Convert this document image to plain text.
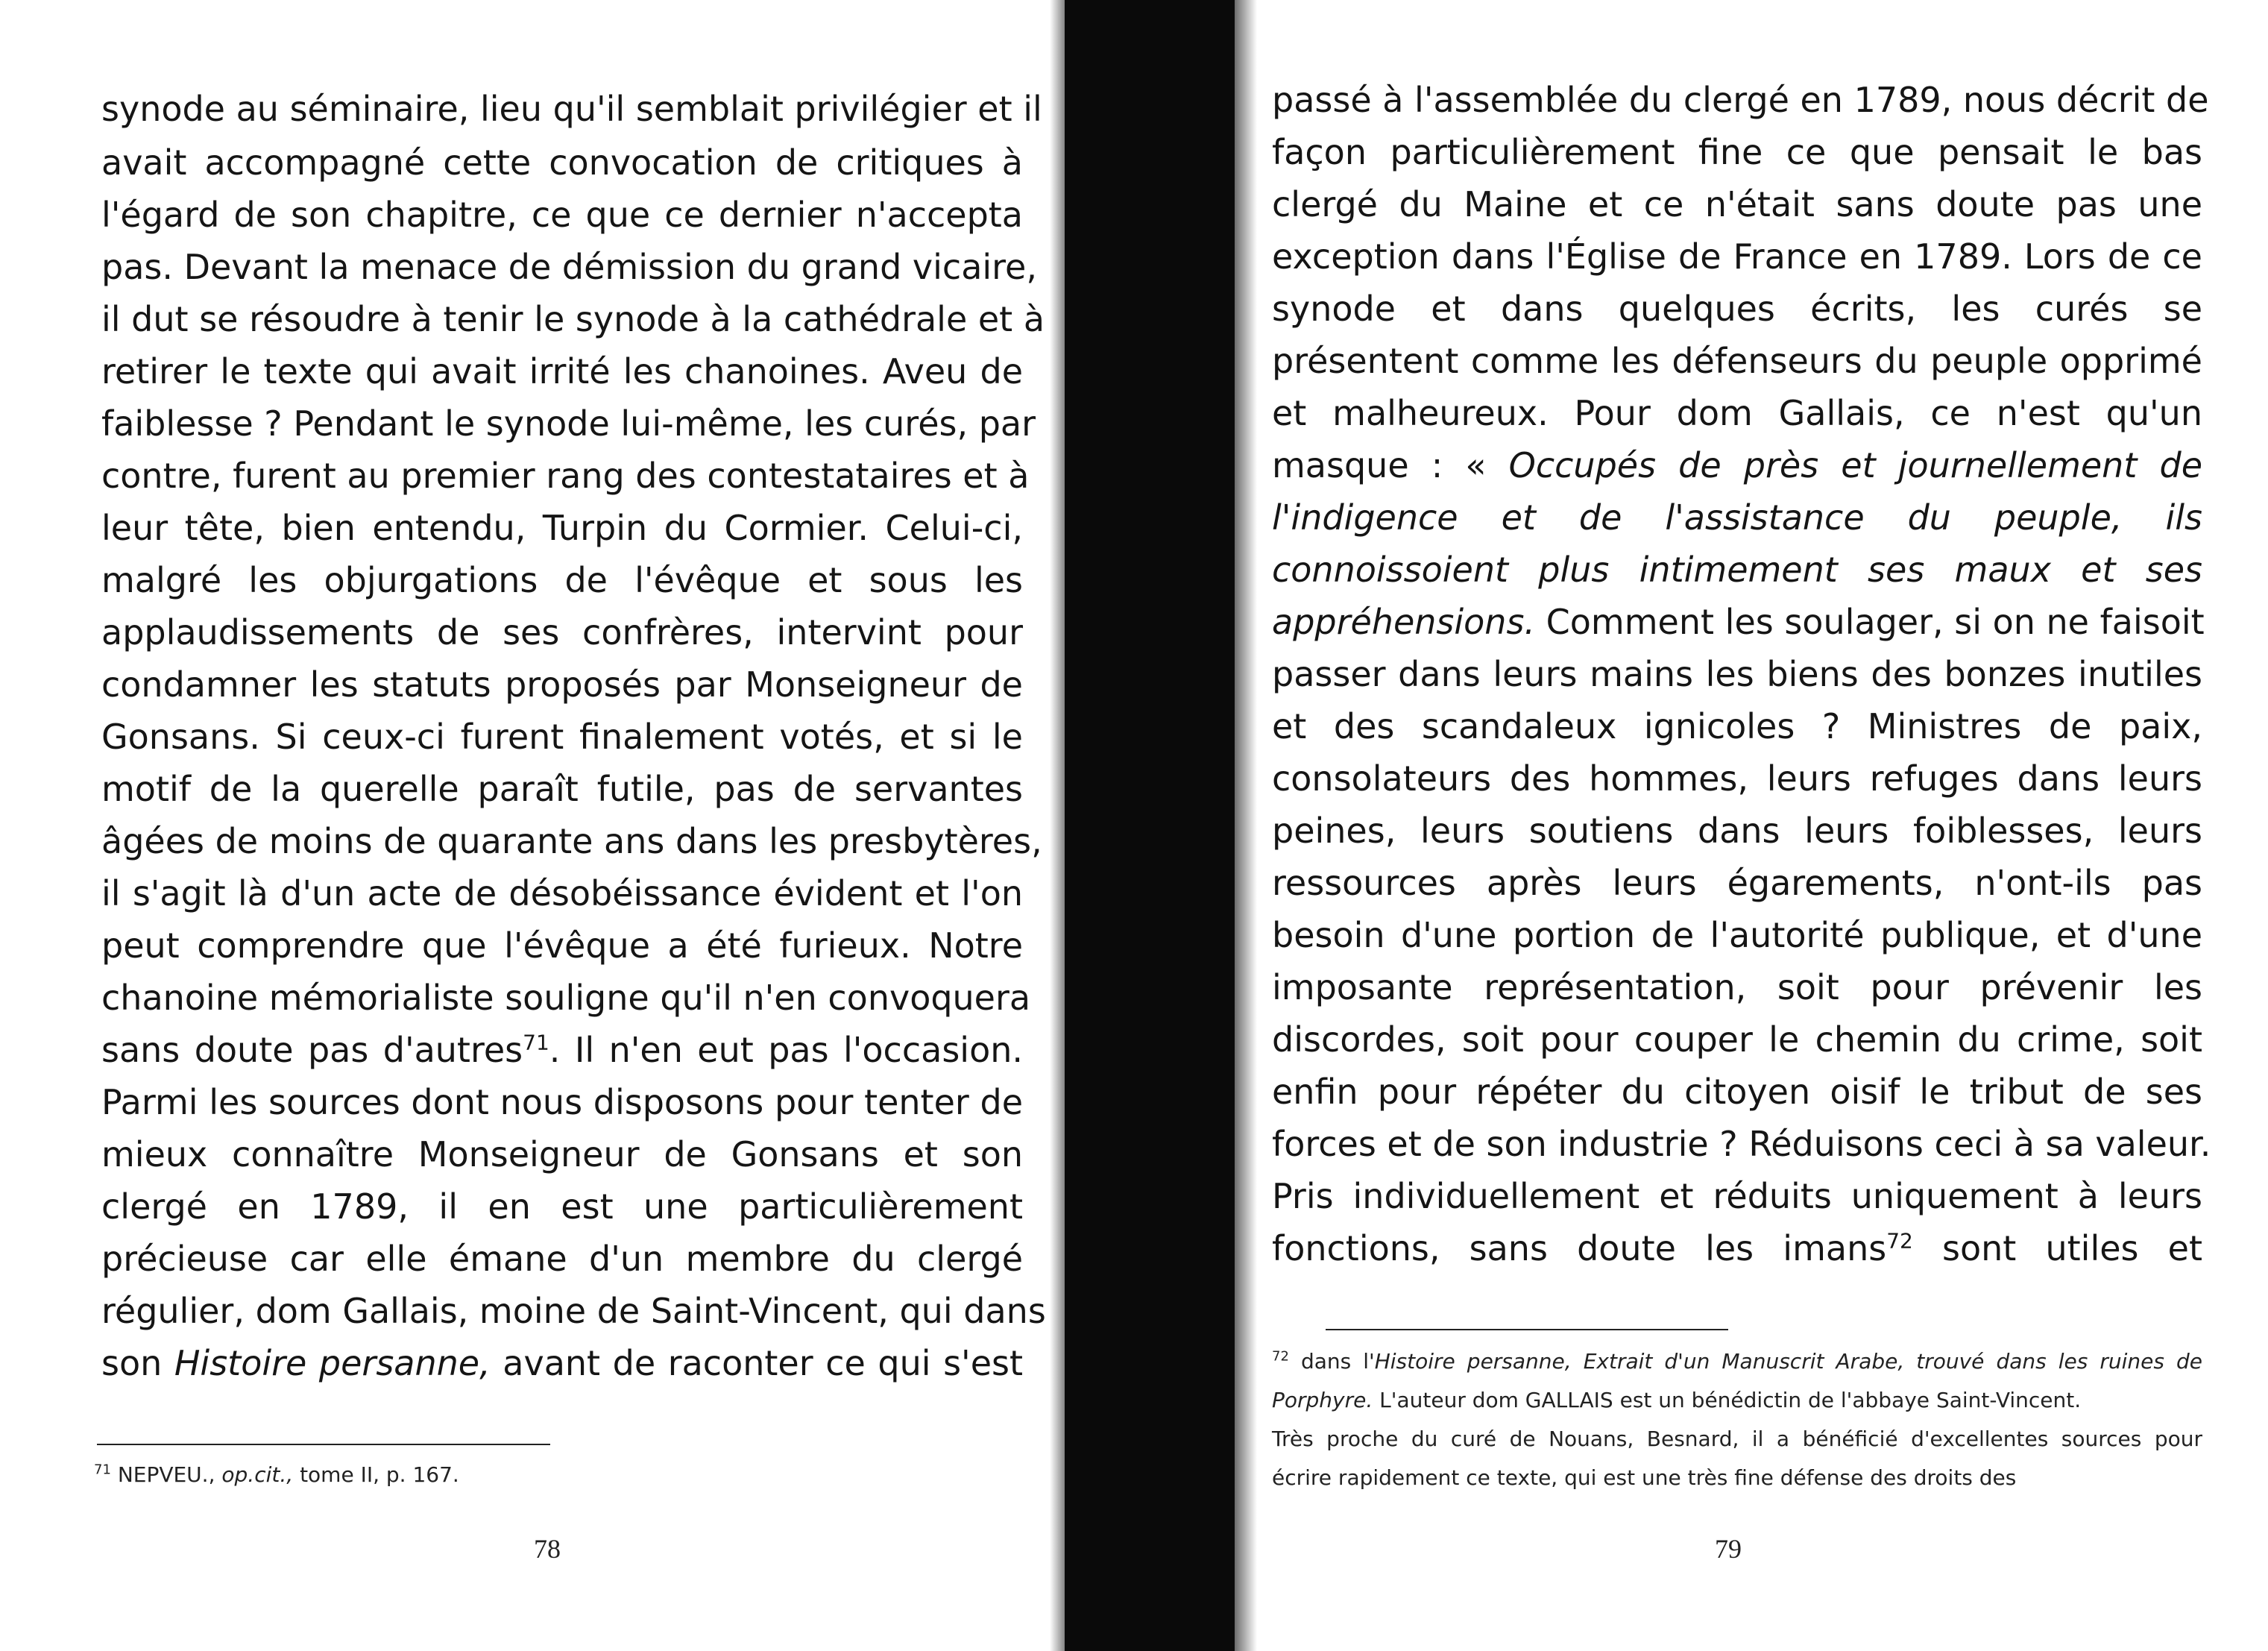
synode au séminaire, lieu qu'il semblait privilégier et il
avait accompagné cette convocation de critiques à
l'égard de son chapitre, ce que ce dernier n'accepta
pas. Devant la menace de démission du grand vicaire,
il dut se résoudre à tenir le synode à la cathédrale et à
retirer le texte qui avait irrité les chanoines. Aveu de
faiblesse ? Pendant le synode lui-même, les curés, par
contre, furent au premier rang des contestataires et à
leur tête, bien entendu, Turpin du Cormier. Celui-ci,
malgré les objurgations de l'évêque et sous les
applaudissements de ses confrères, intervint pour
condamner les statuts proposés par Monseigneur de
Gonsans. Si ceux-ci furent finalement votés, et si le
motif de la querelle paraît futile, pas de servantes
âgées de moins de quarante ans dans les presbytères,
il s'agit là d'un acte de désobéissance évident et l'on
peut comprendre que l'évêque a été furieux. Notre
chanoine mémorialiste souligne qu'il n'en convoquera
sans doute pas d'autres$^{71}$. Il n'en eut pas l'occasion.
Parmi les sources dont nous disposons pour tenter de
mieux connaître Monseigneur de Gonsans et son
clergé en 1789, il en est une particulièrement
précieuse car elle émane d'un membre du clergé
régulier, dom Gallais, moine de Saint-Vincent, qui dans
son Histoire persanne, avant de raconter ce qui s'est
$^{71}$ NEPVEU., op.cit., tome II, p. 167.
78
passé à l'assemblée du clergé en 1789, nous décrit de
façon particulièrement fine ce que pensait le bas
clergé du Maine et ce n'était sans doute pas une
exception dans l'Église de France en 1789. Lors de ce
synode et dans quelques écrits, les curés se
présentent comme les défenseurs du peuple opprimé
et malheureux. Pour dom Gallais, ce n'est qu'un
masque : « Occupés de près et journellement de
l'indigence et de l'assistance du peuple, ils
connoissoient plus intimement ses maux et ses
appréhensions. Comment les soulager, si on ne faisoit
passer dans leurs mains les biens des bonzes inutiles
et des scandaleux ignicoles ? Ministres de paix,
consolateurs des hommes, leurs refuges dans leurs
peines, leurs soutiens dans leurs foiblesses, leurs
ressources après leurs égarements, n'ont-ils pas
besoin d'une portion de l'autorité publique, et d'une
imposante représentation, soit pour prévenir les
discordes, soit pour couper le chemin du crime, soit
enfin pour répéter du citoyen oisif le tribut de ses
forces et de son industrie ? Réduisons ceci à sa valeur.
Pris individuellement et réduits uniquement à leurs
fonctions, sans doute les imans$^{72}$ sont utiles et
$^{72}$ dans l'Histoire persanne, Extrait d'un Manuscrit Arabe, trouvé dans les ruines de
Porphyre. L'auteur dom GALLAIS est un bénédictin de l'abbaye Saint-Vincent.
Très proche du curé de Nouans, Besnard, il a bénéficié d'excellentes sources pour
écrire rapidement ce texte, qui est une très fine défense des droits des
79
